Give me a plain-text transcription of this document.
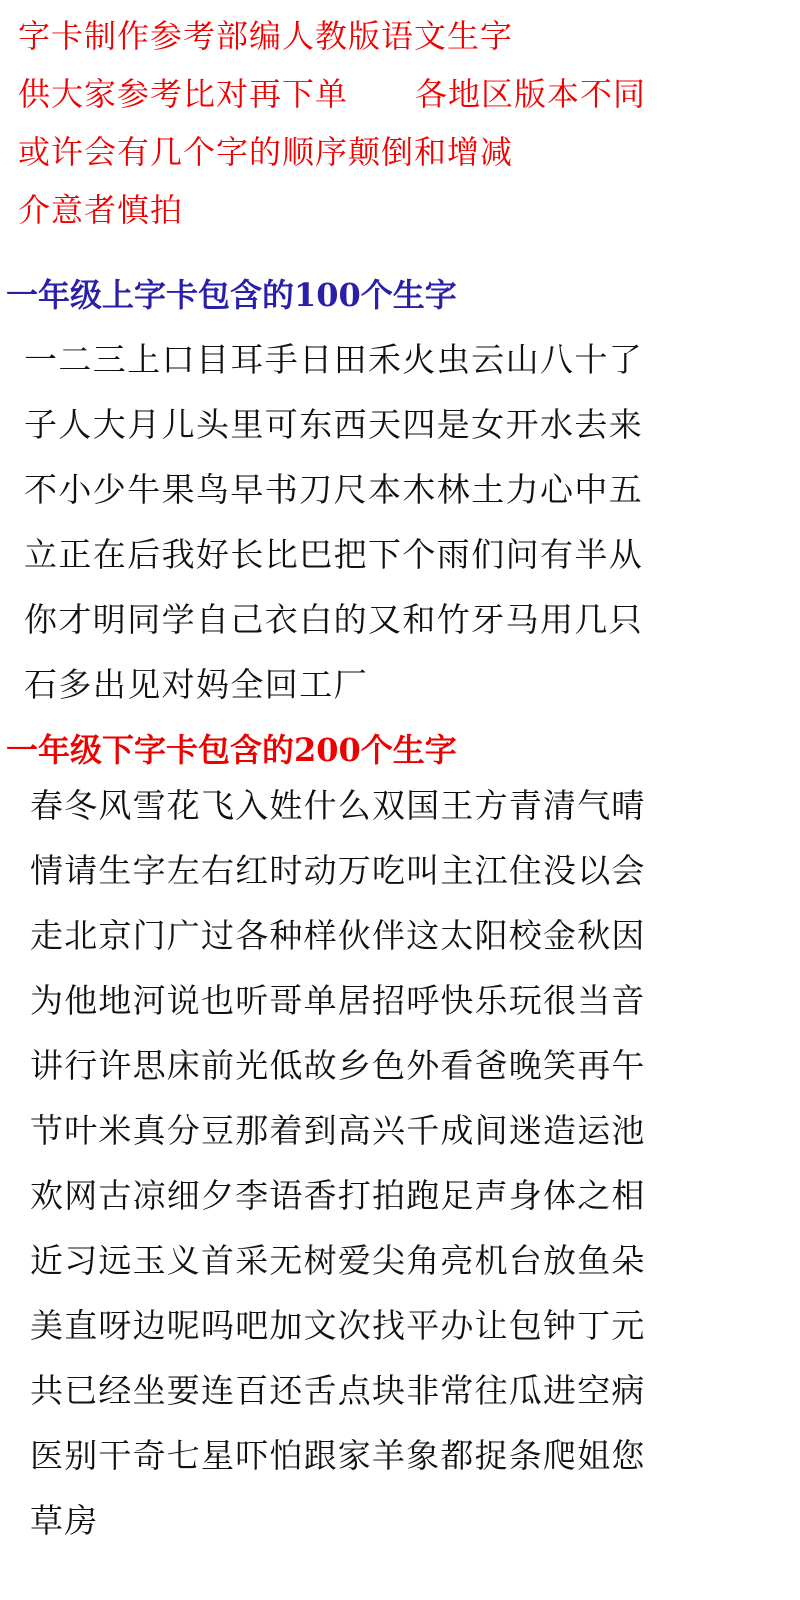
字卡制作参考部编人教版语文生字
供大家参考比对再下单      各地区版本不同
或许会有几个字的顺序颠倒和增减
介意者慎拍
一年级上字卡包含的100个生字
一二三上口目耳手日田禾火虫云山八十了
子人大月儿头里可东西天四是女开水去来
不小少牛果鸟早书刀尺本木林土力心中五
立正在后我好长比巴把下个雨们问有半从
你才明同学自己衣白的又和竹牙马用几只
石多出见对妈全回工厂
一年级下字卡包含的200个生字
春冬风雪花飞入姓什么双国王方青清气晴
情请生字左右红时动万吃叫主江住没以会
走北京门广过各种样伙伴这太阳校金秋因
为他地河说也听哥单居招呼快乐玩很当音
讲行许思床前光低故乡色外看爸晚笑再午
节叶米真分豆那着到高兴千成间迷造运池
欢网古凉细夕李语香打拍跑足声身体之相
近习远玉义首采无树爱尖角亮机台放鱼朵
美直呀边呢吗吧加文次找平办让包钟丁元
共已经坐要连百还舌点块非常往瓜进空病
医别干奇七星吓怕跟家羊象都捉条爬姐您
草房
